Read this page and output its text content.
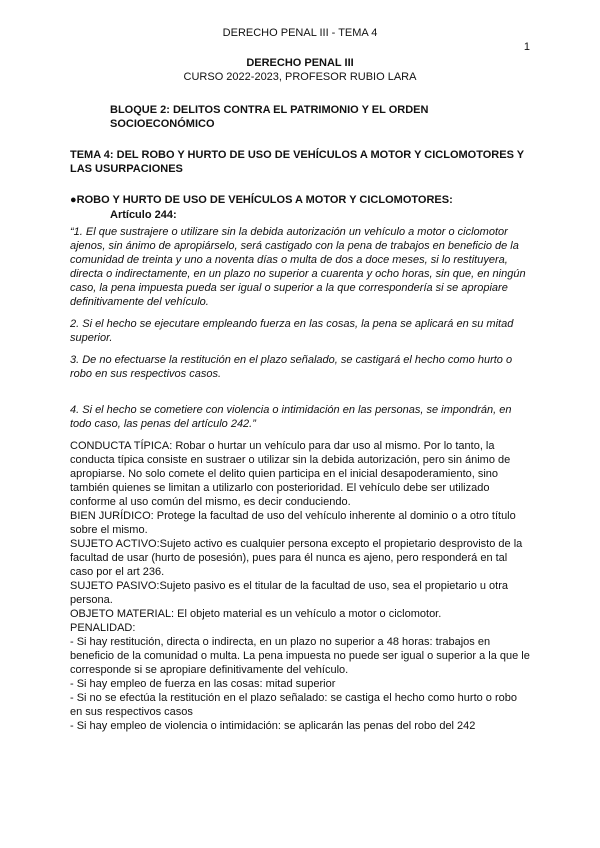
DERECHO PENAL III - TEMA 4

1

DERECHO PENAL III

CURSO 2022-2023, PROFESOR RUBIO LARA

BLOQUE 2: DELITOS CONTRA EL PATRIMONIO Y EL ORDEN SOCIOECONÓMICO

TEMA 4: DEL ROBO Y HURTO DE USO DE VEHÍCULOS A MOTOR Y CICLOMOTORES Y LAS USURPACIONES

●ROBO Y HURTO DE USO DE VEHÍCULOS A MOTOR Y CICLOMOTORES:

Artículo 244:

“1. El que sustrajere o utilizare sin la debida autorización un vehículo a motor o ciclomotor ajenos, sin ánimo de apropiárselo, será castigado con la pena de trabajos en beneficio de la comunidad de treinta y uno a noventa días o multa de dos a doce meses, si lo restituyera, directa o indirectamente, en un plazo no superior a cuarenta y ocho horas, sin que, en ningún caso, la pena impuesta pueda ser igual o superior a la que correspondería si se apropiare definitivamente del vehículo.

2. Si el hecho se ejecutare empleando fuerza en las cosas, la pena se aplicará en su mitad superior.

3. De no efectuarse la restitución en el plazo señalado, se castigará el hecho como hurto o robo en sus respectivos casos.

4. Si el hecho se cometiere con violencia o intimidación en las personas, se impondrán, en todo caso, las penas del artículo 242.”

CONDUCTA TÍPICA: Robar o hurtar un vehículo para dar uso al mismo. Por lo tanto, la conducta típica consiste en sustraer o utilizar sin la debida autorización, pero sin ánimo de apropiarse. No solo comete el delito quien participa en el inicial desapoderamiento, sino también quienes se limitan a utilizarlo con posterioridad. El vehículo debe ser utilizado conforme al uso común del mismo, es decir conduciendo.

BIEN JURÍDICO: Protege la facultad de uso del vehículo inherente al dominio o a otro título sobre el mismo.

SUJETO ACTIVO:Sujeto activo es cualquier persona excepto el propietario desprovisto de la facultad de usar (hurto de posesión), pues para él nunca es ajeno, pero responderá en tal caso por el art 236.

SUJETO PASIVO:Sujeto pasivo es el titular de la facultad de uso, sea el propietario u otra persona.

OBJETO MATERIAL: El objeto material es un vehículo a motor o ciclomotor.

PENALIDAD:

- Si hay restitución, directa o indirecta, en un plazo no superior a 48 horas: trabajos en beneficio de la comunidad o multa. La pena impuesta no puede ser igual o superior a la que le corresponde si se apropiare definitivamente del vehículo.

- Si hay empleo de fuerza en las cosas: mitad superior

- Si no se efectúa la restitución en el plazo señalado: se castiga el hecho como hurto o robo en sus respectivos casos

- Si hay empleo de violencia o intimidación: se aplicarán las penas del robo del 242
